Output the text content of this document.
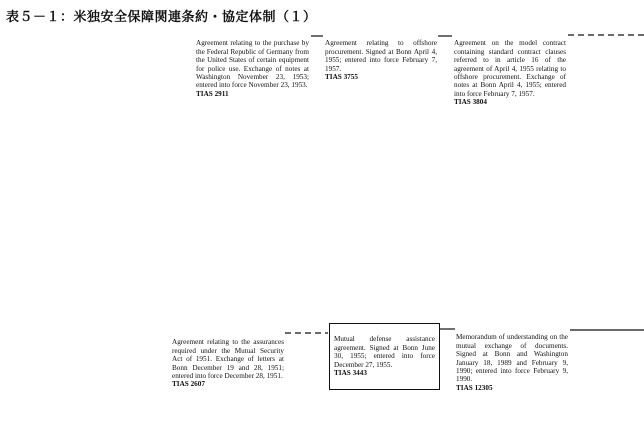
表５－１：米独安全保障関連条約・協定体制（１）

Agreement relating to the purchase by the Federal Republic of Germany from the United States of certain equipment for police use. Exchange of notes at Washington November 23, 1953; entered into force November 23, 1953.

TIAS 2911

Agreement relating to offshore procurement. Signed at Bonn April 4, 1955; entered into force February 7, 1957.

TIAS 3755

Agreement on the model contract containing standard contract clauses referred to in article 16 of the agreement of April 4, 1955 relating to offshore procurement. Exchange of notes at Bonn April 4, 1955; entered into force February 7, 1957.

TIAS 3804

Agreement relating to the assurances required under the Mutual Security Act of 1951. Exchange of letters at Bonn December 19 and 28, 1951; entered into force December 28, 1951.

TIAS 2607

Mutual defense assistance agreement. Signed at Bonn June 30, 1955; entered into force December 27, 1955.

TIAS 3443

Memorandum of understanding on the mutual exchange of documents. Signed at Bonn and Washington January 18, 1989 and February 9, 1990; entered into force February 9, 1990.

TIAS 12305
